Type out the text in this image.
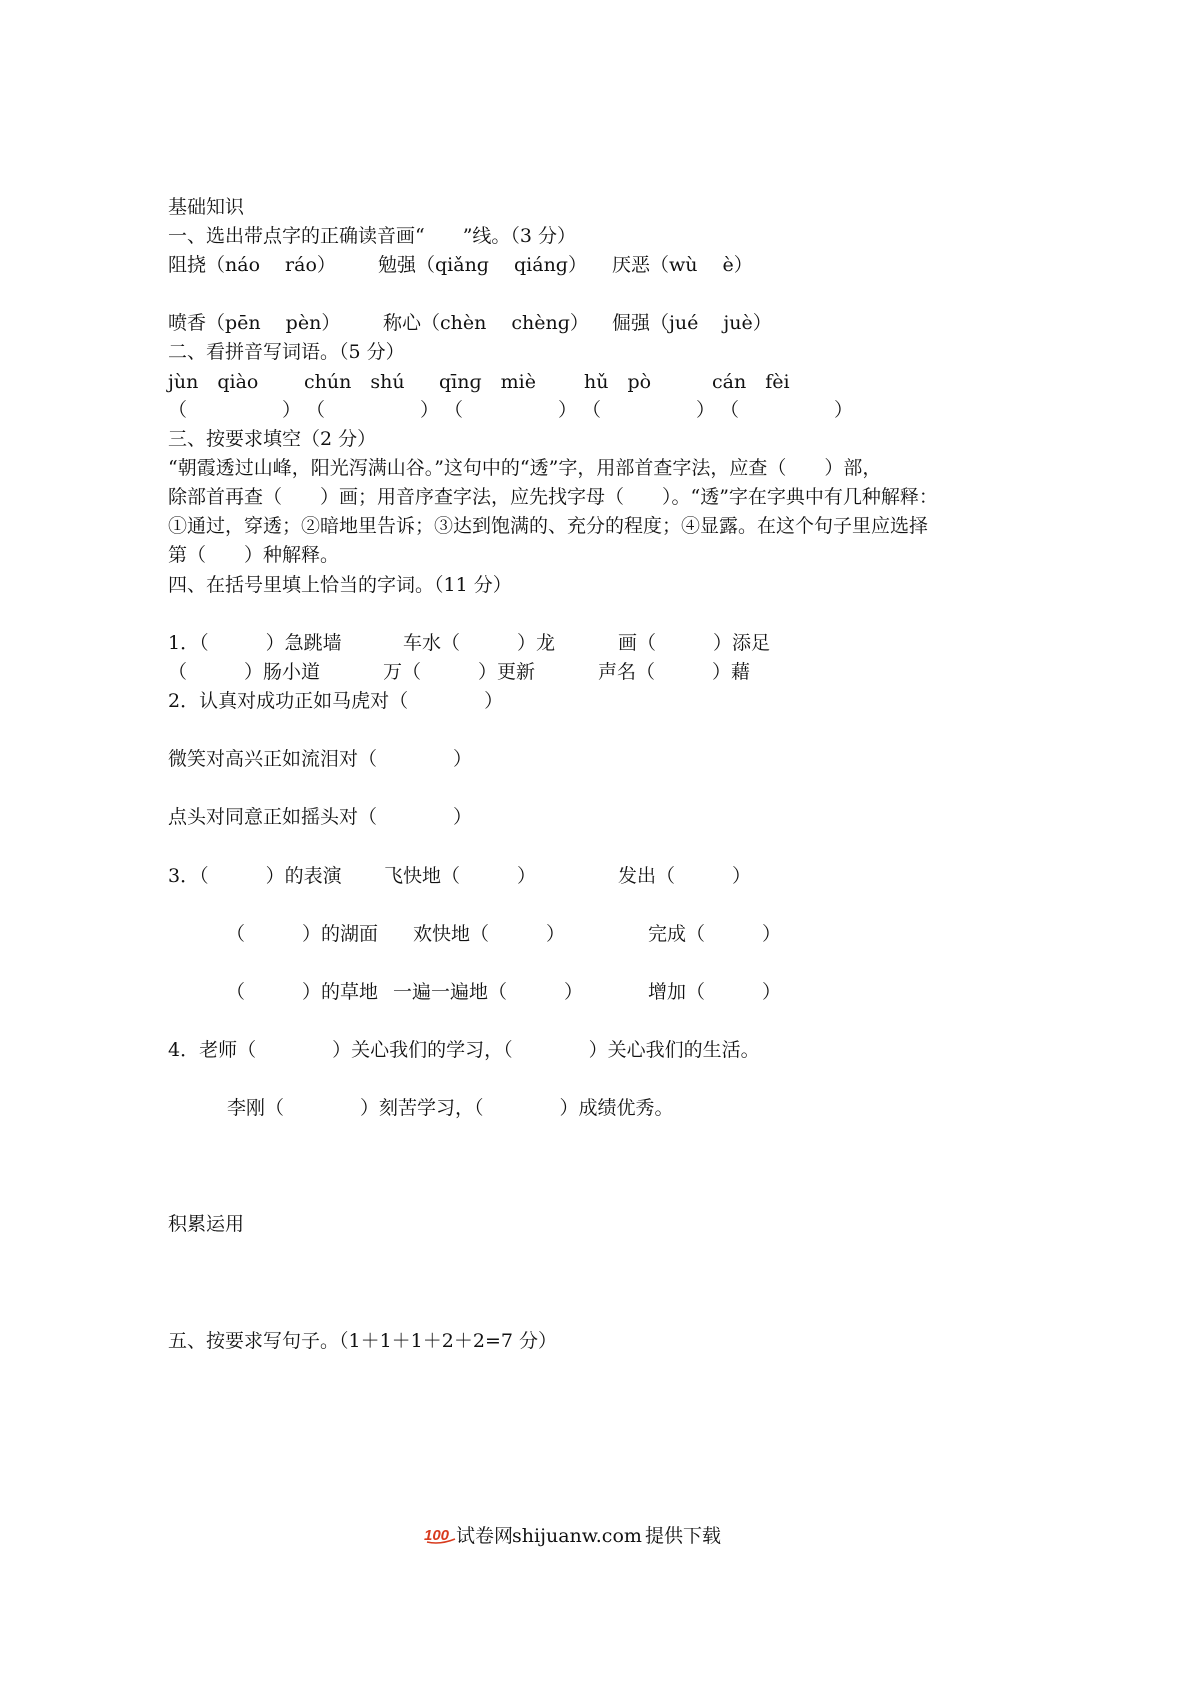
基础知识
一、选出带点字的正确读音画“　　”线。（3 分）
阻挠（náo　 ráo） 勉强（qiǎnɡ　 qiánɡ） 厌恶（wù　 è）
喷香（pēn　 pèn） 称心（chèn　 chènɡ） 倔强（jué　 juè）
二、看拼音写词语。（5 分）
jùn　qiào chún　shú qīnɡ　miè	hǔ　pò	cán　fèi
（　　　　　） （　　　　　） （　　　　　） （　　　　　） （　　　　　）
三、按要求填空（2 分）
“朝霞透过山峰，阳光泻满山谷。”这句中的“透”字，用部首查字法，应查（　　）部，
除部首再查（　　）画；用音序查字法，应先找字母（　　）。“透”字在字典中有几种解释：
①通过，穿透；②暗地里告诉；③达到饱满的、充分的程度；④显露。在这个句子里应选择
第（　　）种解释。
四、在括号里填上恰当的字词。（11 分）
1．（　　　）急跳墙	车水（　　　）龙	画（　　　）添足
（　　　）肠小道	万（　　　）更新	声名（　　　）藉
2．认真对成功正如马虎对（　　　　）
微笑对高兴正如流泪对（　　　　）
点头对同意正如摇头对（　　　　）
3．（　　　）的表演 飞快地（　　　）	发出（　　　）
（　　　）的湖面 欢快地（　　　）	完成（　　　）
（　　　）的草地 一遍一遍地（　　　）	增加（　　　）
4．老师（　　　　）关心我们的学习，（　　　　）关心我们的生活。
李刚（　　　　）刻苦学习，（　　　　）成绩优秀。
积累运用
五、按要求写句子。（1＋1＋1＋2＋2=7 分）
100 试卷网
shijuanw.com 提供下载
